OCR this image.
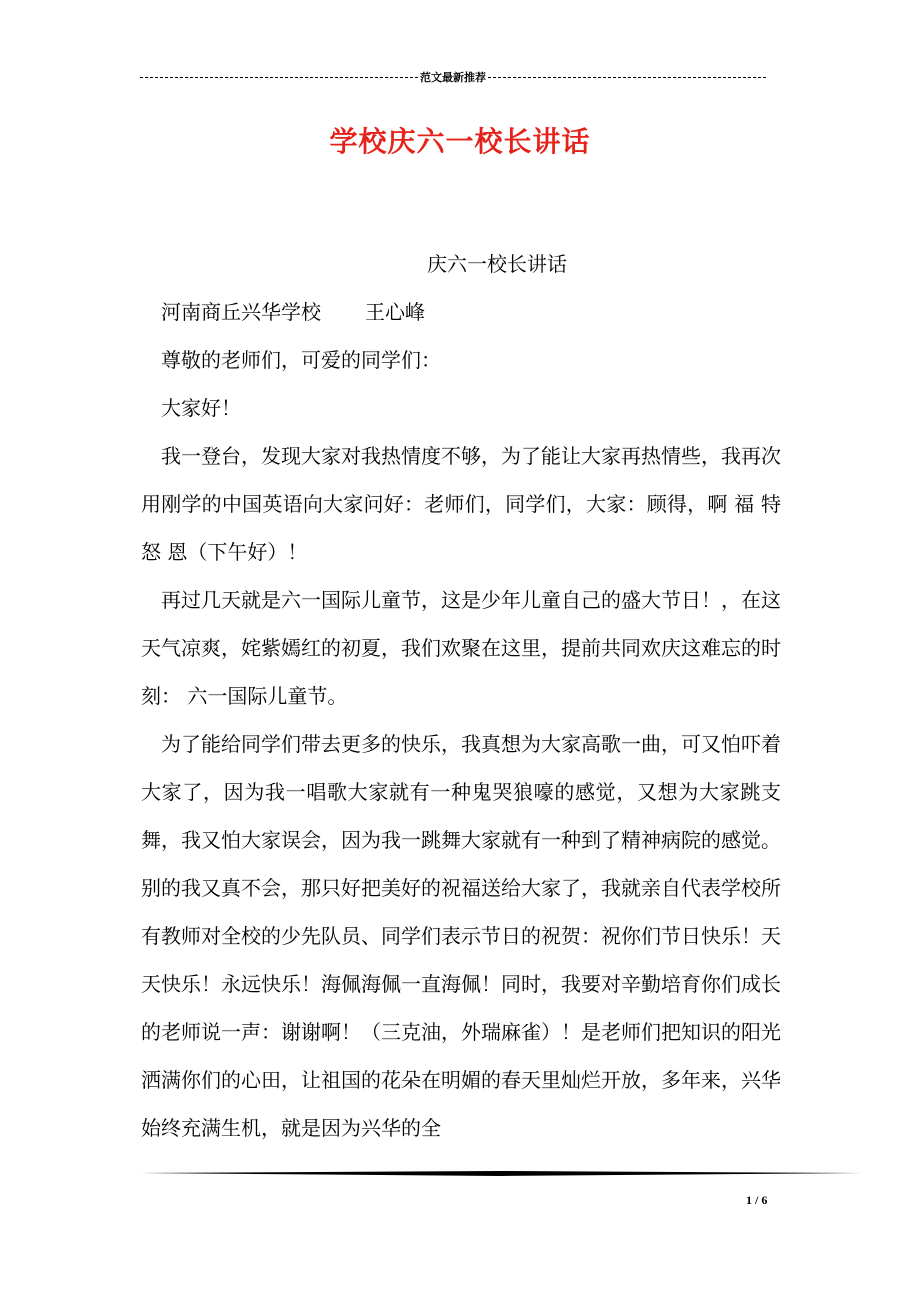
范文最新推荐
学校庆六一校长讲话
庆六一校长讲话
河南商丘兴华学校 王心峰
尊敬的老师们，可爱的同学们：
大家好！
我一登台，发现大家对我热情度不够，为了能让大家再热情些，我再次用刚学的中国英语向大家问好：老师们，同学们，大家：顾得，啊 福 特 怒 恩（下午好）！
再过几天就是六一国际儿童节，这是少年儿童自己的盛大节日！，在这天气凉爽，姹紫嫣红的初夏，我们欢聚在这里，提前共同欢庆这难忘的时刻： 六一国际儿童节。
为了能给同学们带去更多的快乐，我真想为大家高歌一曲，可又怕吓着大家了，因为我一唱歌大家就有一种鬼哭狼嚎的感觉，又想为大家跳支舞，我又怕大家误会，因为我一跳舞大家就有一种到了精神病院的感觉。别的我又真不会，那只好把美好的祝福送给大家了，我就亲自代表学校所有教师对全校的少先队员、同学们表示节日的祝贺：祝你们节日快乐！天天快乐！永远快乐！海佩海佩一直海佩！同时，我要对辛勤培育你们成长的老师说一声：谢谢啊！（三克油，外瑞麻雀）！是老师们把知识的阳光洒满你们的心田，让祖国的花朵在明媚的春天里灿烂开放，多年来，兴华始终充满生机，就是因为兴华的全
1 / 6
